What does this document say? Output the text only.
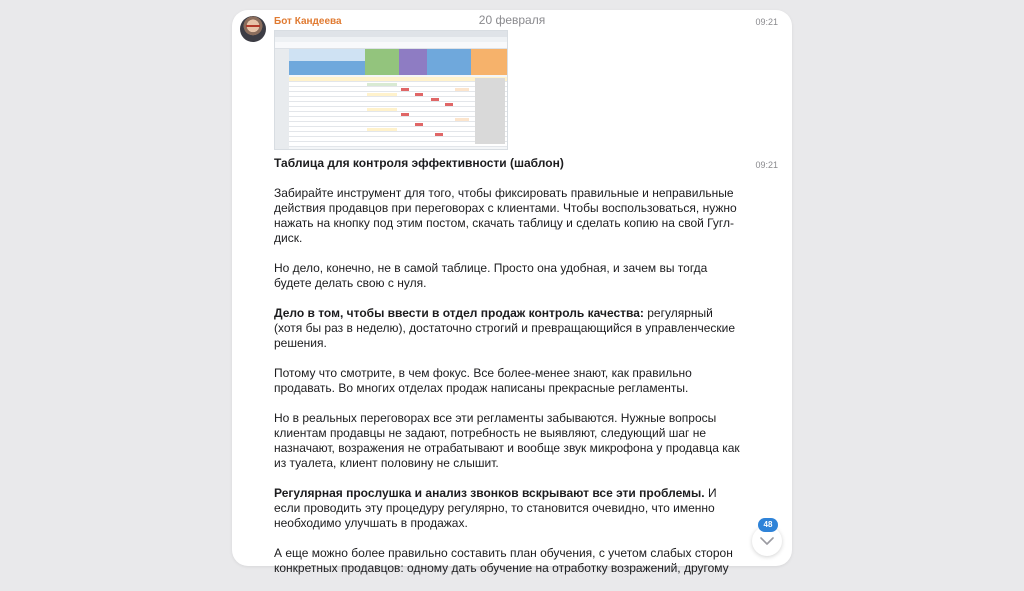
20 февраля
Бот Кандеева	09:21
09:21

Таблица для контроля эффективности (шаблон)

Забирайте инструмент для того, чтобы фиксировать правильные и неправильные действия продавцов при переговорах с клиентами. Чтобы воспользоваться, нужно нажать на кнопку под этим постом, скачать таблицу и сделать копию на свой Гугл-диск.

Но дело, конечно, не в самой таблице. Просто она удобная, и зачем вы тогда будете делать свою с нуля.

Дело в том, чтобы ввести в отдел продаж контроль качества: регулярный (хотя бы раз в неделю), достаточно строгий и превращающийся в управленческие решения.

Потому что смотрите, в чем фокус. Все более-менее знают, как правильно продавать. Во многих отделах продаж написаны прекрасные регламенты.

Но в реальных переговорах все эти регламенты забываются. Нужные вопросы клиентам продавцы не задают, потребность не выявляют, следующий шаг не назначают, возражения не отрабатывают и вообще звук микрофона у продавца как из туалета, клиент половину не слышит.

Регулярная прослушка и анализ звонков вскрывают все эти проблемы. И если проводить эту процедуру регулярно, то становится очевидно, что именно необходимо улучшать в продажах.

А еще можно более правильно составить план обучения, с учетом слабых сторон конкретных продавцов: одному дать обучение на отработку возражений, другому

48
